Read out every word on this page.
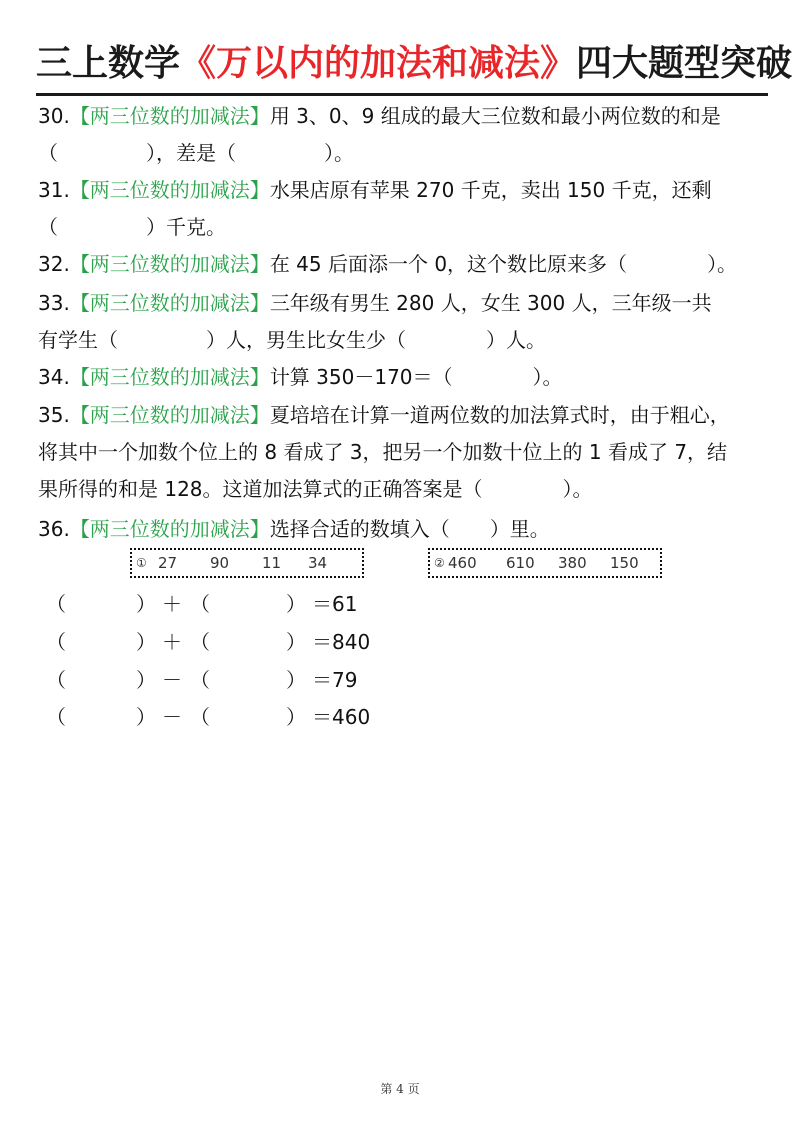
三上数学《万以内的加法和减法》四大题型突破
30.【两三位数的加减法】用 3、0、9 组成的最大三位数和最小两位数的和是
（	），差是（	）。
31.【两三位数的加减法】水果店原有苹果 270 千克，卖出 150 千克，还剩
（	）千克。
32.【两三位数的加减法】在 45 后面添一个 0，这个数比原来多（	）。
33.【两三位数的加减法】三年级有男生 280 人，女生 300 人，三年级一共
有学生（	）人，男生比女生少（	）人。
34.【两三位数的加减法】计算 350－170＝（	）。
35.【两三位数的加减法】夏培培在计算一道两位数的加法算式时，由于粗心，
将其中一个加数个位上的 8 看成了 3，把另一个加数十位上的 1 看成了 7，结
果所得的和是 128。这道加法算式的正确答案是（	）。
36.【两三位数的加减法】选择合适的数填入（ ）里。
① 27	90	11	34	② 460	610	380	150
（	） ＋ （	） ＝61
（	） ＋ （	） ＝840
（	） － （	） ＝79
（	） － （	） ＝460
第 4 页
